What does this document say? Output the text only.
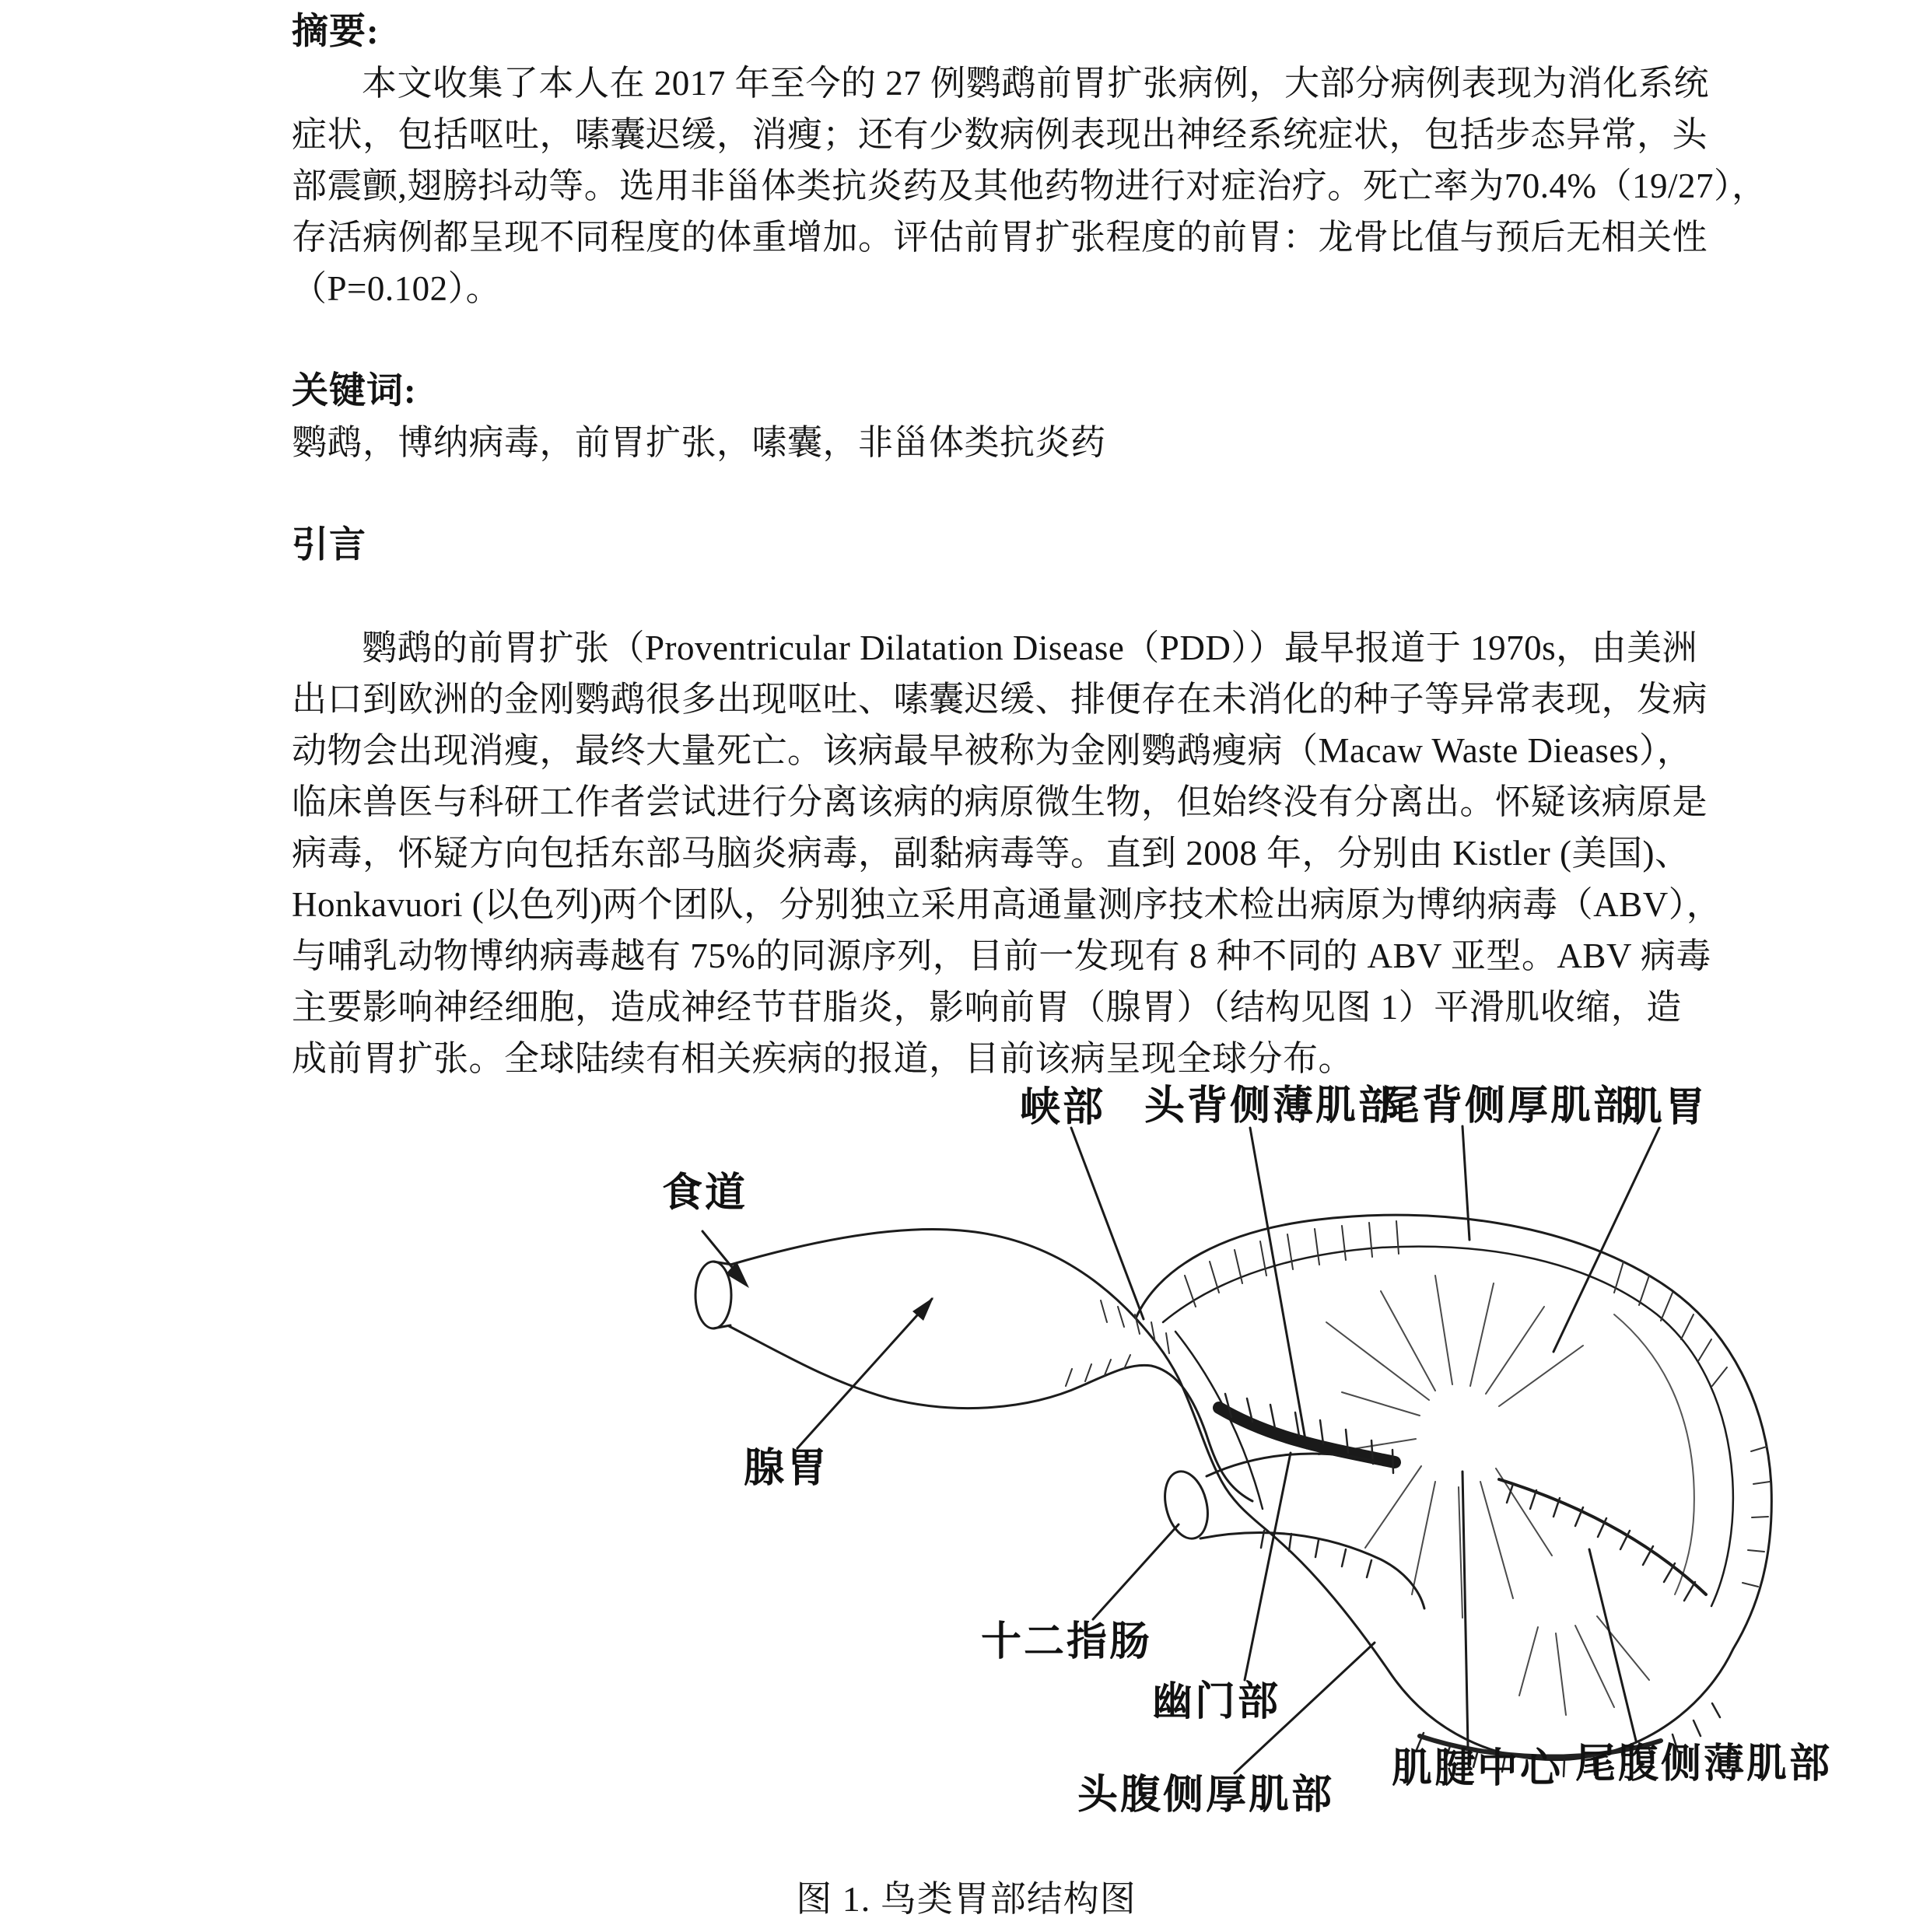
摘要:
本文收集了本人在 2017 年至今的 27 例鹦鹉前胃扩张病例，大部分病例表现为消化系统
症状，包括呕吐，嗉囊迟缓，消瘦；还有少数病例表现出神经系统症状，包括步态异常，头
部震颤,翅膀抖动等。选用非甾体类抗炎药及其他药物进行对症治疗。死亡率为70.4%（19/27），
存活病例都呈现不同程度的体重增加。评估前胃扩张程度的前胃：龙骨比值与预后无相关性
（P=0.102）。
关键词:
鹦鹉，博纳病毒，前胃扩张，嗉囊，非甾体类抗炎药
引言
鹦鹉的前胃扩张（Proventricular Dilatation Disease（PDD））最早报道于 1970s，由美洲
出口到欧洲的金刚鹦鹉很多出现呕吐、嗉囊迟缓、排便存在未消化的种子等异常表现，发病
动物会出现消瘦，最终大量死亡。该病最早被称为金刚鹦鹉瘦病（Macaw Waste Dieases），
临床兽医与科研工作者尝试进行分离该病的病原微生物，但始终没有分离出。怀疑该病原是
病毒，怀疑方向包括东部马脑炎病毒，副黏病毒等。直到 2008 年，分别由 Kistler (美国)、
Honkavuori (以色列)两个团队，分别独立采用高通量测序技术检出病原为博纳病毒（ABV），
与哺乳动物博纳病毒越有 75%的同源序列，目前一发现有 8 种不同的 ABV 亚型。ABV 病毒
主要影响神经细胞，造成神经节苷脂炎，影响前胃（腺胃）（结构见图 1）平滑肌收缩，造
成前胃扩张。全球陆续有相关疾病的报道，目前该病呈现全球分布。
食道
腺胃
峡部 头背侧薄肌部
尾背侧厚肌部
肌胃
十二指肠
幽门部
头腹侧厚肌部
肌腱中心 尾腹侧薄肌部
图 1. 鸟类胃部结构图
